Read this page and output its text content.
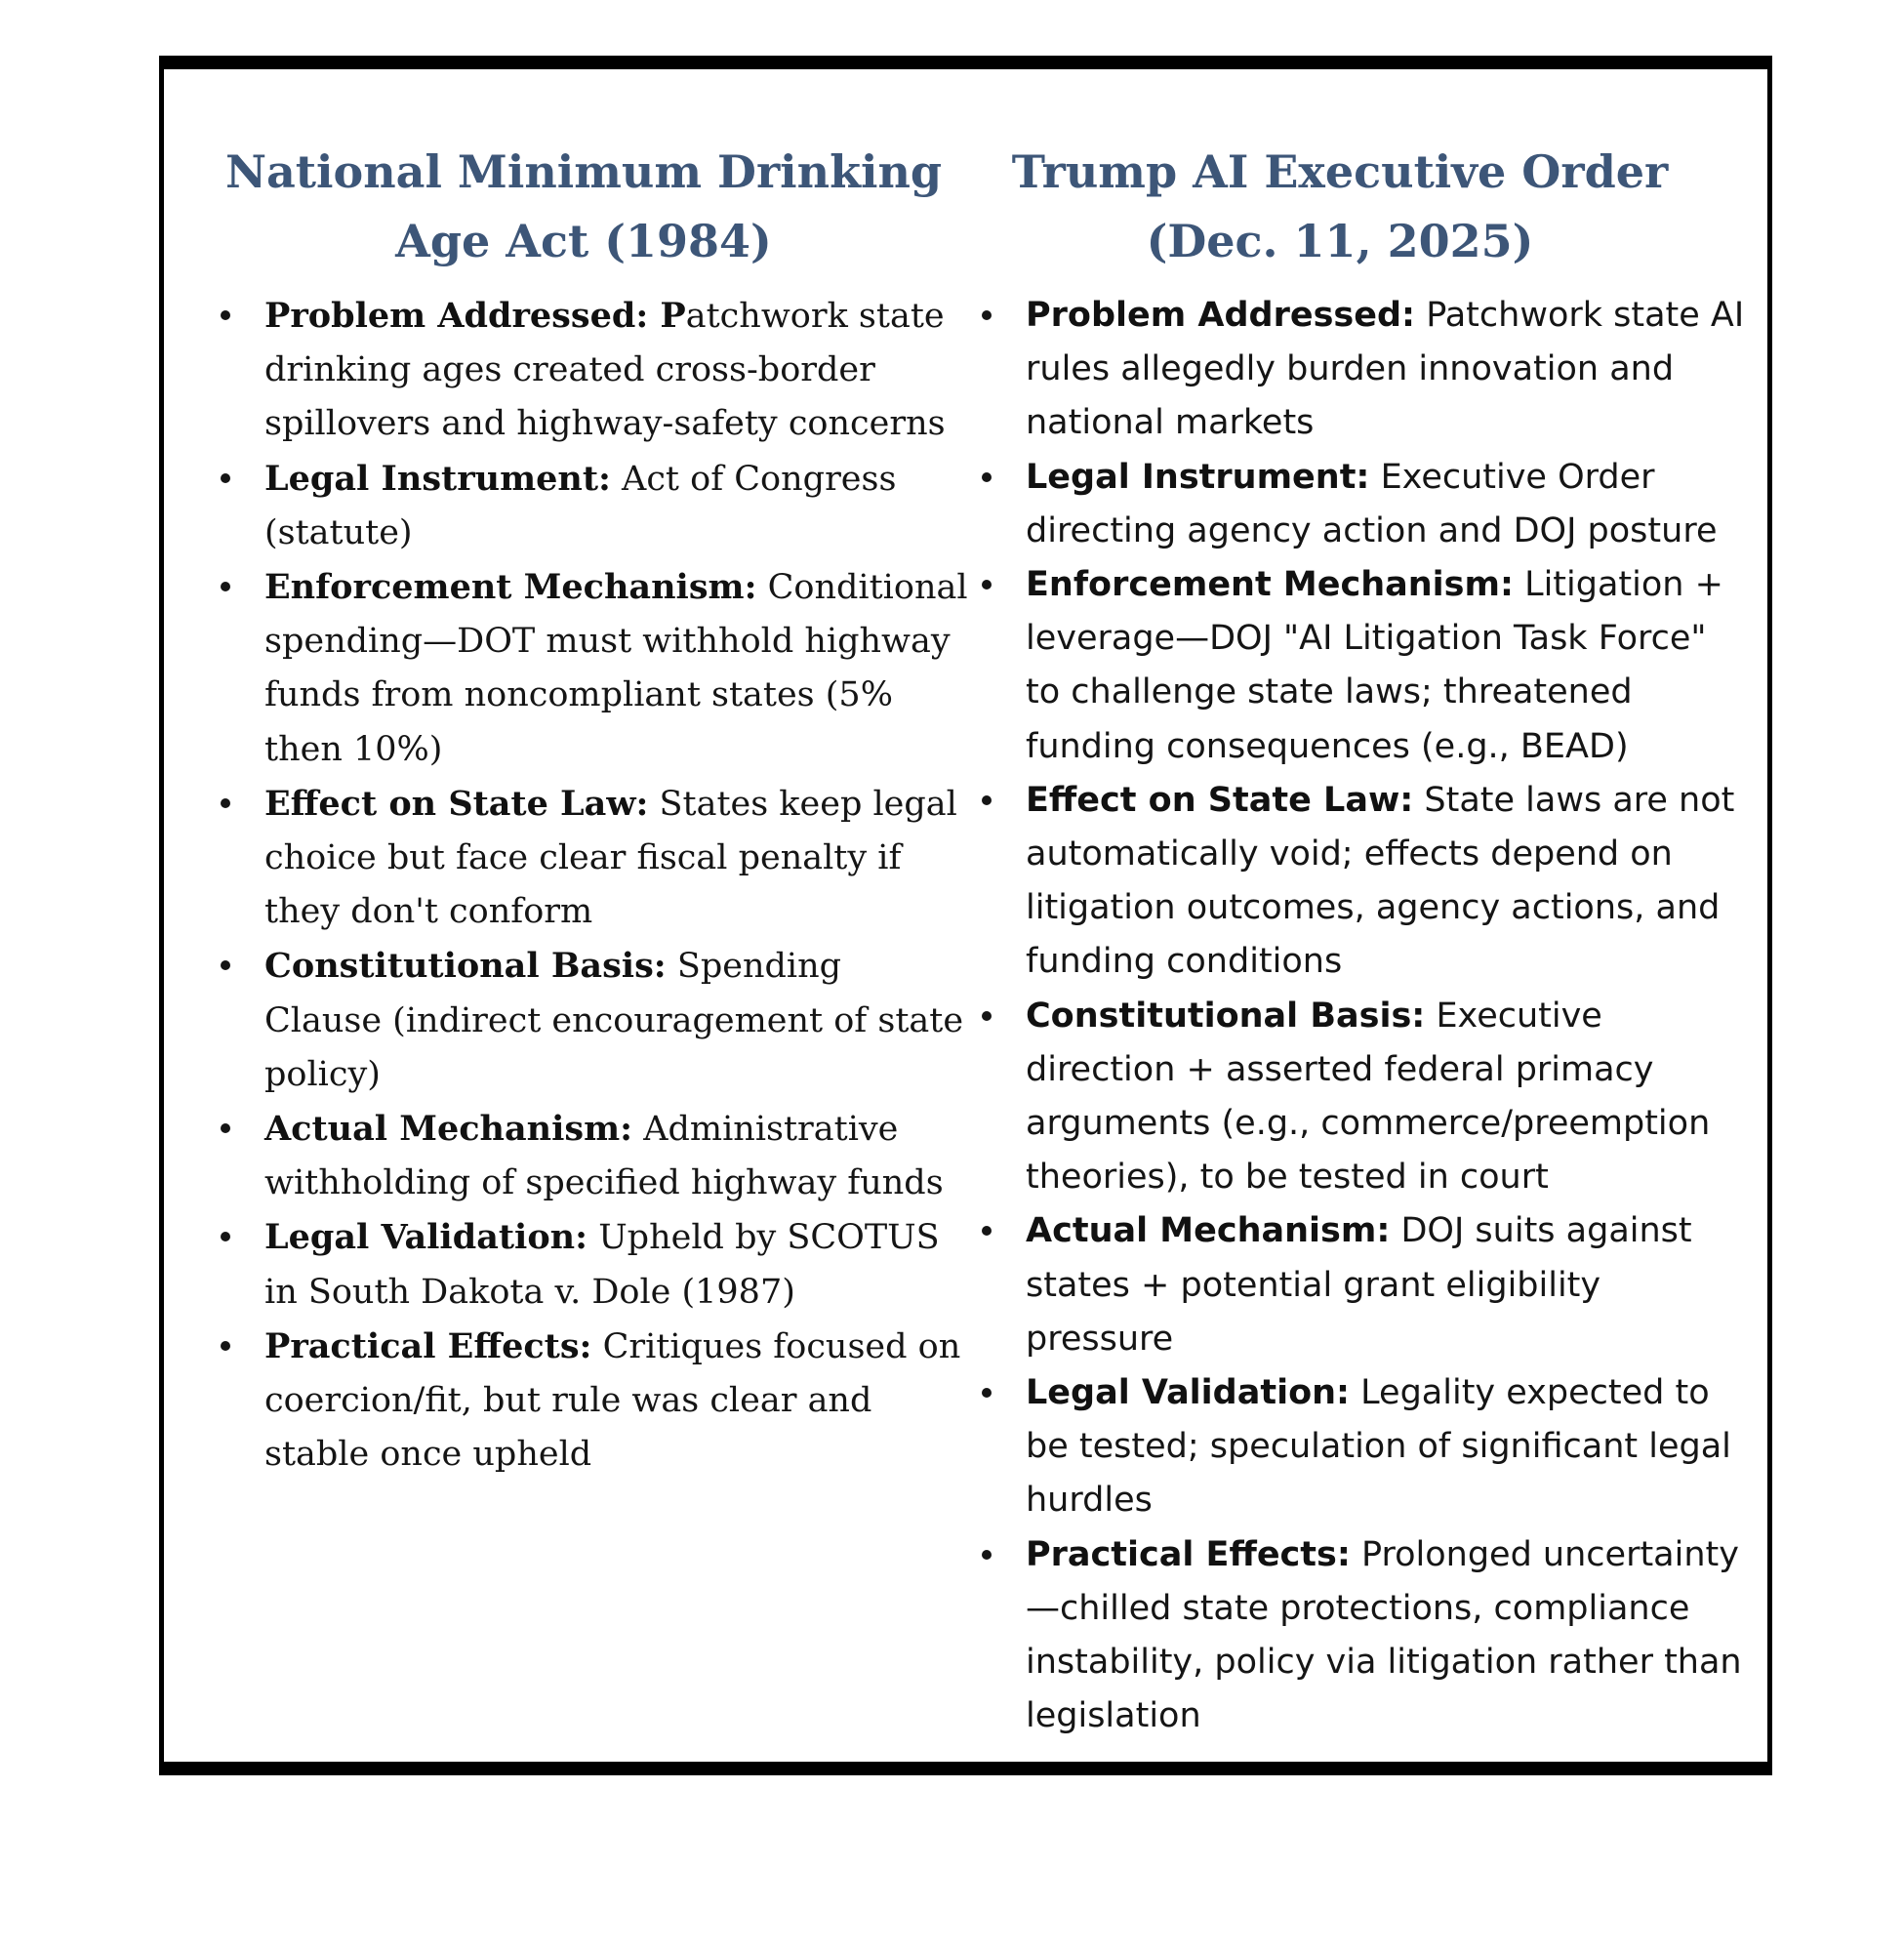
National Minimum Drinking Age Act (1984)
Problem Addressed: Patchwork state drinking ages created cross-border spillovers and highway-safety concerns
Legal Instrument: Act of Congress (statute)
Enforcement Mechanism: Conditional spending—DOT must withhold highway funds from noncompliant states (5% then 10%)
Effect on State Law: States keep legal choice but face clear fiscal penalty if they don't conform
Constitutional Basis: Spending Clause (indirect encouragement of state policy)
Actual Mechanism: Administrative withholding of specified highway funds
Legal Validation: Upheld by SCOTUS in South Dakota v. Dole (1987)
Practical Effects: Critiques focused on coercion/fit, but rule was clear and stable once upheld
Trump AI Executive Order (Dec. 11, 2025)
Problem Addressed: Patchwork state AI rules allegedly burden innovation and national markets
Legal Instrument: Executive Order directing agency action and DOJ posture
Enforcement Mechanism: Litigation + leverage—DOJ "AI Litigation Task Force" to challenge state laws; threatened funding consequences (e.g., BEAD)
Effect on State Law: State laws are not automatically void; effects depend on litigation outcomes, agency actions, and funding conditions
Constitutional Basis: Executive direction + asserted federal primacy arguments (e.g., commerce/preemption theories), to be tested in court
Actual Mechanism: DOJ suits against states + potential grant eligibility pressure
Legal Validation: Legality expected to be tested; speculation of significant legal hurdles
Practical Effects: Prolonged uncertainty—chilled state protections, compliance instability, policy via litigation rather than legislation
